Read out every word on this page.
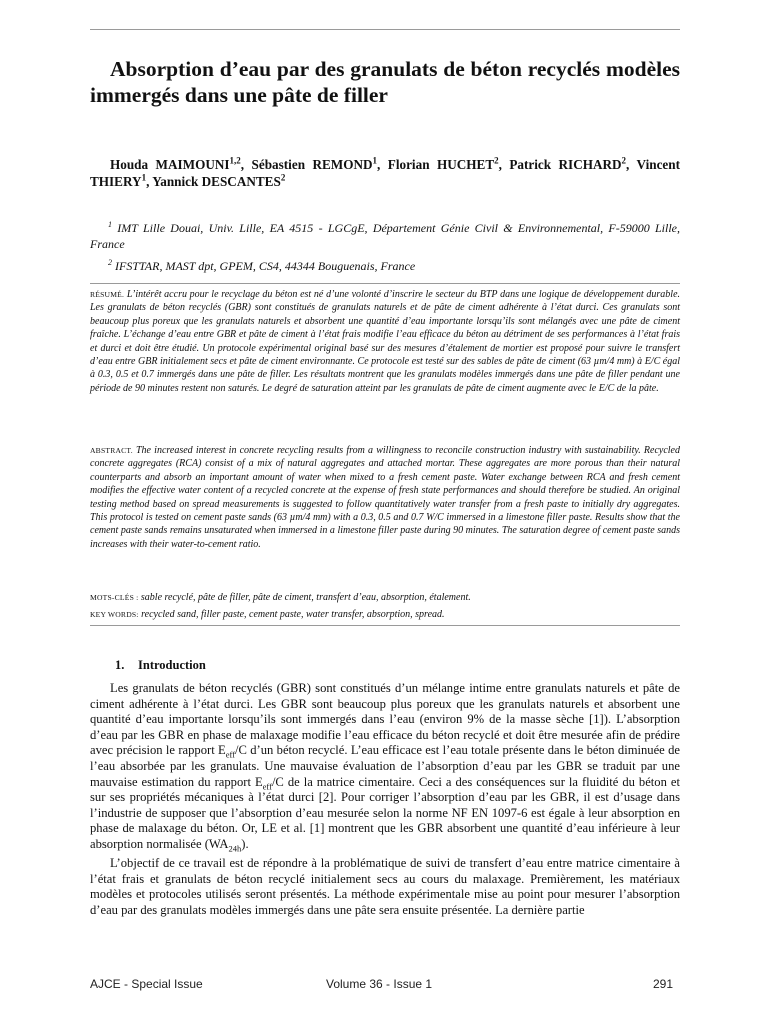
Absorption d’eau par des granulats de béton recyclés modèles immergés dans une pâte de filler

Houda MAIMOUNI$^{1,2}$, Sébastien REMOND$^1$, Florian HUCHET$^2$, Patrick RICHARD$^2$, Vincent THIERY$^1$, Yannick DESCANTES$^2$

$^1$ IMT Lille Douai, Univ. Lille, EA 4515 - LGCgE, Département Génie Civil & Environnemental, F-59000 Lille, France

$^2$ IFSTTAR, MAST dpt, GPEM, CS4, 44344 Bouguenais, France

RÉSUMÉ. L’intérêt accru pour le recyclage du béton est né d’une volonté d’inscrire le secteur du BTP dans une logique de développement durable. Les granulats de béton recyclés (GBR) sont constitués de granulats naturels et de pâte de ciment adhérente à l’état durci. Ces granulats sont beaucoup plus poreux que les granulats naturels et absorbent une quantité d’eau importante lorsqu’ils sont mélangés avec une pâte de ciment fraîche. L’échange d’eau entre GBR et pâte de ciment à l’état frais modifie l’eau efficace du béton au détriment de ses performances à l’état frais et durci et doit être étudié. Un protocole expérimental original basé sur des mesures d’étalement de mortier est proposé pour suivre le transfert d’eau entre GBR initialement secs et pâte de ciment environnante. Ce protocole est testé sur des sables de pâte de ciment (63 µm/4 mm) à E/C égal à 0.3, 0.5 et 0.7 immergés dans une pâte de filler. Les résultats montrent que les granulats modèles immergés dans une pâte de filler pendant une période de 90 minutes restent non saturés. Le degré de saturation atteint par les granulats de pâte de ciment augmente avec le E/C de la pâte.

ABSTRACT. The increased interest in concrete recycling results from a willingness to reconcile construction industry with sustainability. Recycled concrete aggregates (RCA) consist of a mix of natural aggregates and attached mortar. These aggregates are more porous than their natural counterparts and absorb an important amount of water when mixed to a fresh cement paste. Water exchange between RCA and fresh cement modifies the effective water content of a recycled concrete at the expense of fresh state performances and should therefore be studied. An original testing method based on spread measurements is suggested to follow quantitatively water transfer from a fresh paste to initially dry aggregates. This protocol is tested on cement paste sands (63 µm/4 mm) with a 0.3, 0.5 and 0.7 W/C immersed in a limestone filler paste. Results show that the cement paste sands remains unsaturated when immersed in a limestone filler paste during 90 minutes. The saturation degree of cement paste sands increases with their water-to-cement ratio.

MOTS-CLÉS : sable recyclé, pâte de filler, pâte de ciment, transfert d’eau, absorption, étalement.

KEY WORDS: recycled sand, filler paste, cement paste, water transfer, absorption, spread.

1. Introduction

Les granulats de béton recyclés (GBR) sont constitués d’un mélange intime entre granulats naturels et pâte de ciment adhérente à l’état durci. Les GBR sont beaucoup plus poreux que les granulats naturels et absorbent une quantité d’eau importante lorsqu’ils sont immergés dans l’eau (environ 9% de la masse sèche [1]). L’absorption d’eau par les GBR en phase de malaxage modifie l’eau efficace du béton recyclé et doit être mesurée afin de prédire avec précision le rapport $E_{eff}/C$ d’un béton recyclé. L’eau efficace est l’eau totale présente dans le béton diminuée de l’eau absorbée par les granulats. Une mauvaise évaluation de l’absorption d’eau par les GBR se traduit par une mauvaise estimation du rapport $E_{eff}/C$ de la matrice cimentaire. Ceci a des conséquences sur la fluidité du béton et sur ses propriétés mécaniques à l’état durci [2]. Pour corriger l’absorption d’eau par les GBR, il est d’usage dans l’industrie de supposer que l’absorption d’eau mesurée selon la norme NF EN 1097-6 est égale à leur absorption en phase de malaxage du béton. Or, LE et al. [1] montrent que les GBR absorbent une quantité d’eau inférieure à leur absorption normalisée $(WA_{24h})$.

L’objectif de ce travail est de répondre à la problématique de suivi de transfert d’eau entre matrice cimentaire à l’état frais et granulats de béton recyclé initialement secs au cours du malaxage. Premièrement, les matériaux modèles et protocoles utilisés seront présentés. La méthode expérimentale mise au point pour mesurer l’absorption d’eau par des granulats modèles immergés dans une pâte sera ensuite présentée. La dernière partie

AJCE - Special Issue	Volume 36 - Issue 1	291
